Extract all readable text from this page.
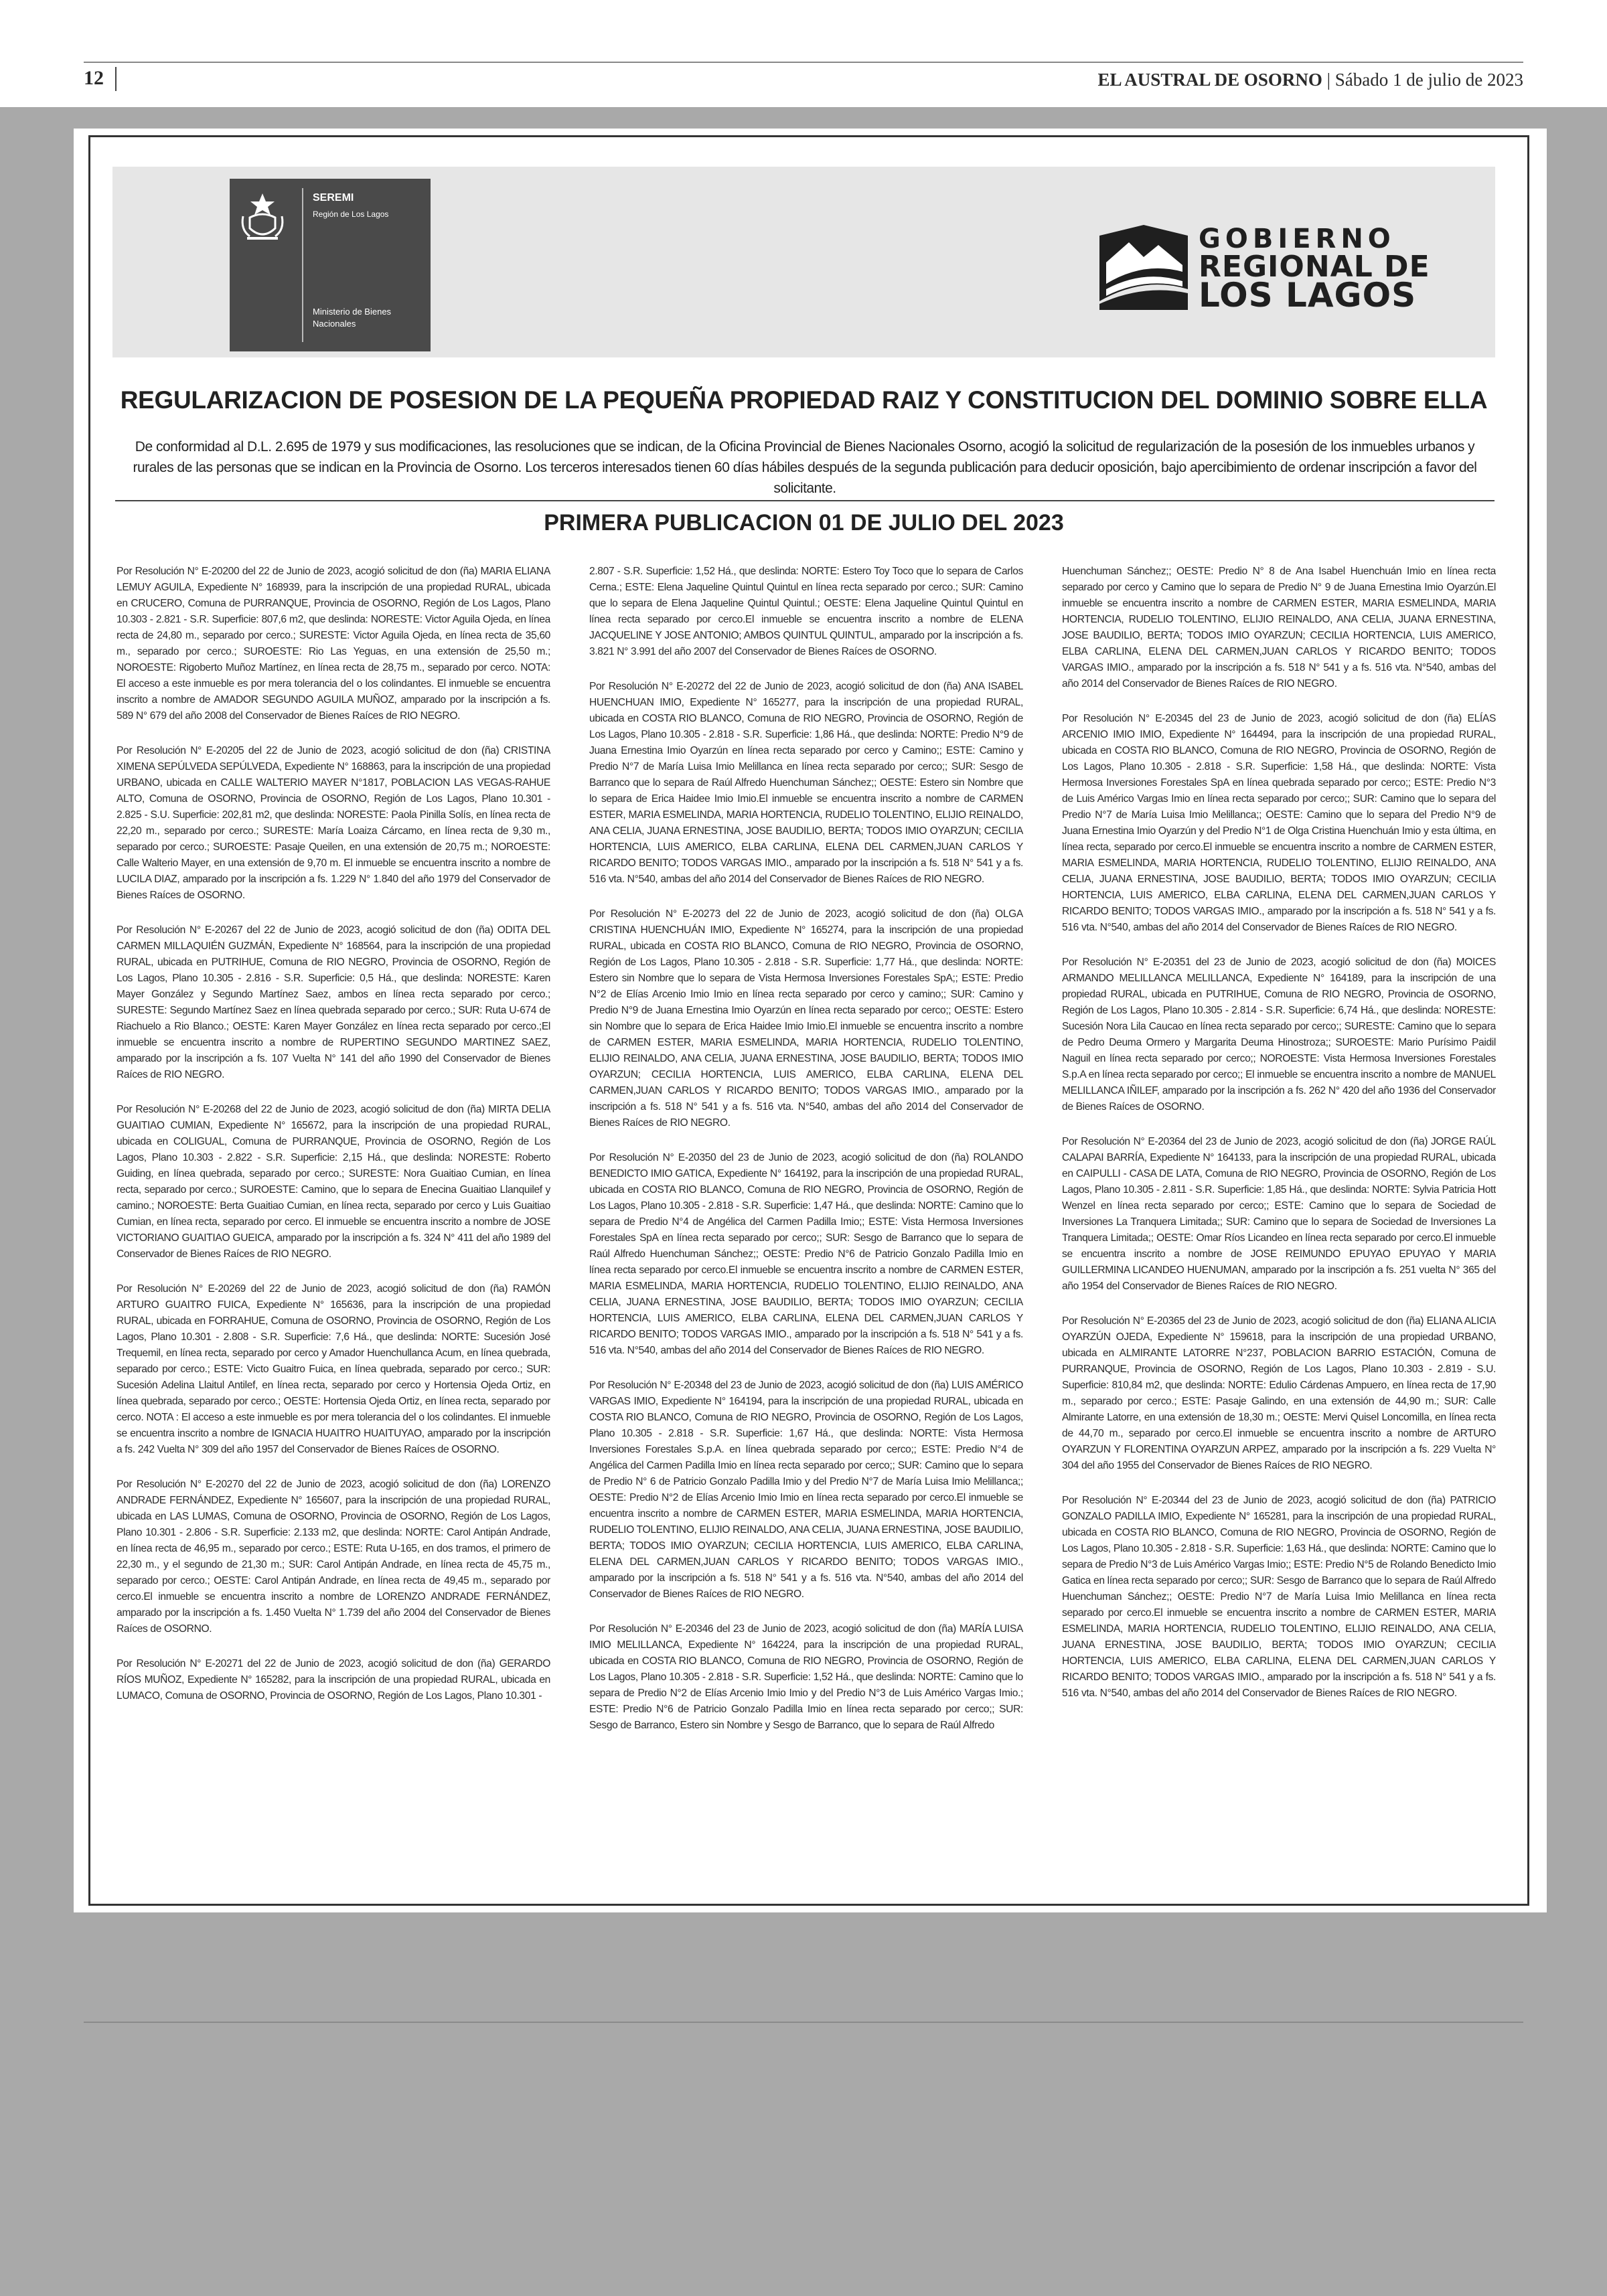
12	EL AUSTRAL DE OSORNO | Sábado 1 de julio de 2023
SEREMI
Región de Los Lagos
Ministerio de Bienes Nacionales
GOBIERNO
REGIONAL DE
LOS LAGOS
REGULARIZACION DE POSESION DE LA PEQUEÑA PROPIEDAD RAIZ Y CONSTITUCION DEL DOMINIO SOBRE ELLA
De conformidad al D.L. 2.695 de 1979 y sus modificaciones, las resoluciones que se indican, de la Oficina Provincial de Bienes Nacionales Osorno, acogió la solicitud de regularización de la posesión de los inmuebles urbanos y rurales de las personas que se indican en la Provincia de Osorno. Los terceros interesados tienen 60 días hábiles después de la segunda publicación para deducir oposición, bajo apercibimiento de ordenar inscripción a favor del solicitante.
PRIMERA PUBLICACION 01 DE JULIO DEL 2023

Por Resolución N° E-20200 del 22 de Junio de 2023, acogió solicitud de don (ña) MARIA ELIANA LEMUY AGUILA, Expediente N° 168939, para la inscripción de una propiedad RURAL, ubicada en CRUCERO, Comuna de PURRANQUE, Provincia de OSORNO, Región de Los Lagos, Plano 10.303 - 2.821 - S.R. Superficie: 807,6 m2, que deslinda: NORESTE: Victor Aguila Ojeda, en línea recta de 24,80 m., separado por cerco.; SURESTE: Victor Aguila Ojeda, en línea recta de 35,60 m., separado por cerco.; SUROESTE: Rio Las Yeguas, en una extensión de 25,50 m.; NOROESTE: Rigoberto Muñoz Martínez, en línea recta de 28,75 m., separado por cerco. NOTA: El acceso a este inmueble es por mera tolerancia del o los colindantes. El inmueble se encuentra inscrito a nombre de AMADOR SEGUNDO AGUILA MUÑOZ, amparado por la inscripción a fs. 589 N° 679 del año 2008 del Conservador de Bienes Raíces de RIO NEGRO.

Por Resolución N° E-20205 del 22 de Junio de 2023, acogió solicitud de don (ña) CRISTINA XIMENA SEPÚLVEDA SEPÚLVEDA, Expediente N° 168863, para la inscripción de una propiedad URBANO, ubicada en CALLE WALTERIO MAYER N°1817, POBLACION LAS VEGAS-RAHUE ALTO, Comuna de OSORNO, Provincia de OSORNO, Región de Los Lagos, Plano 10.301 - 2.825 - S.U. Superficie: 202,81 m2, que deslinda: NORESTE: Paola Pinilla Solís, en línea recta de 22,20 m., separado por cerco.; SURESTE: María Loaiza Cárcamo, en línea recta de 9,30 m., separado por cerco.; SUROESTE: Pasaje Queilen, en una extensión de 20,75 m.; NOROESTE: Calle Walterio Mayer, en una extensión de 9,70 m. El inmueble se encuentra inscrito a nombre de LUCILA DIAZ, amparado por la inscripción a fs. 1.229 N° 1.840 del año 1979 del Conservador de Bienes Raíces de OSORNO.

Por Resolución N° E-20267 del 22 de Junio de 2023, acogió solicitud de don (ña) ODITA DEL CARMEN MILLAQUIÉN GUZMÁN, Expediente N° 168564, para la inscripción de una propiedad RURAL, ubicada en PUTRIHUE, Comuna de RIO NEGRO, Provincia de OSORNO, Región de Los Lagos, Plano 10.305 - 2.816 - S.R. Superficie: 0,5 Há., que deslinda: NORESTE: Karen Mayer González y Segundo Martínez Saez, ambos en línea recta separado por cerco.; SURESTE: Segundo Martínez Saez en línea quebrada separado por cerco.; SUR: Ruta U-674 de Riachuelo a Rio Blanco.; OESTE: Karen Mayer González en línea recta separado por cerco.;El inmueble se encuentra inscrito a nombre de RUPERTINO SEGUNDO MARTINEZ SAEZ, amparado por la inscripción a fs. 107 Vuelta N° 141 del año 1990 del Conservador de Bienes Raíces de RIO NEGRO.

Por Resolución N° E-20268 del 22 de Junio de 2023, acogió solicitud de don (ña) MIRTA DELIA GUAITIAO CUMIAN, Expediente N° 165672, para la inscripción de una propiedad RURAL, ubicada en COLIGUAL, Comuna de PURRANQUE, Provincia de OSORNO, Región de Los Lagos, Plano 10.303 - 2.822 - S.R. Superficie: 2,15 Há., que deslinda: NORESTE: Roberto Guiding, en línea quebrada, separado por cerco.; SURESTE: Nora Guaitiao Cumian, en línea recta, separado por cerco.; SUROESTE: Camino, que lo separa de Enecina Guaitiao Llanquilef y camino.; NOROESTE: Berta Guaitiao Cumian, en línea recta, separado por cerco y Luis Guaitiao Cumian, en línea recta, separado por cerco. El inmueble se encuentra inscrito a nombre de JOSE VICTORIANO GUAITIAO GUEICA, amparado por la inscripción a fs. 324 N° 411 del año 1989 del Conservador de Bienes Raíces de RIO NEGRO.

Por Resolución N° E-20269 del 22 de Junio de 2023, acogió solicitud de don (ña) RAMÓN ARTURO GUAITRO FUICA, Expediente N° 165636, para la inscripción de una propiedad RURAL, ubicada en FORRAHUE, Comuna de OSORNO, Provincia de OSORNO, Región de Los Lagos, Plano 10.301 - 2.808 - S.R. Superficie: 7,6 Há., que deslinda: NORTE: Sucesión José Trequemil, en línea recta, separado por cerco y Amador Huenchullanca Acum, en línea quebrada, separado por cerco.; ESTE: Victo Guaitro Fuica, en línea quebrada, separado por cerco.; SUR: Sucesión Adelina Llaitul Antilef, en línea recta, separado por cerco y Hortensia Ojeda Ortiz, en línea quebrada, separado por cerco.; OESTE: Hortensia Ojeda Ortiz, en línea recta, separado por cerco. NOTA : El acceso a este inmueble es por mera tolerancia del o los colindantes. El inmueble se encuentra inscrito a nombre de IGNACIA HUAITRO HUAITUYAO, amparado por la inscripción a fs. 242 Vuelta N° 309 del año 1957 del Conservador de Bienes Raíces de OSORNO.

Por Resolución N° E-20270 del 22 de Junio de 2023, acogió solicitud de don (ña) LORENZO ANDRADE FERNÁNDEZ, Expediente N° 165607, para la inscripción de una propiedad RURAL, ubicada en LAS LUMAS, Comuna de OSORNO, Provincia de OSORNO, Región de Los Lagos, Plano 10.301 - 2.806 - S.R. Superficie: 2.133 m2, que deslinda: NORTE: Carol Antipán Andrade, en línea recta de 46,95 m., separado por cerco.; ESTE: Ruta U-165, en dos tramos, el primero de 22,30 m., y el segundo de 21,30 m.; SUR: Carol Antipán Andrade, en línea recta de 45,75 m., separado por cerco.; OESTE: Carol Antipán Andrade, en línea recta de 49,45 m., separado por cerco.El inmueble se encuentra inscrito a nombre de LORENZO ANDRADE FERNÁNDEZ, amparado por la inscripción a fs. 1.450 Vuelta N° 1.739 del año 2004 del Conservador de Bienes Raíces de OSORNO.

Por Resolución N° E-20271 del 22 de Junio de 2023, acogió solicitud de don (ña) GERARDO RÍOS MUÑOZ, Expediente N° 165282, para la inscripción de una propiedad RURAL, ubicada en LUMACO, Comuna de OSORNO, Provincia de OSORNO, Región de Los Lagos, Plano 10.301 -

2.807 - S.R. Superficie: 1,52 Há., que deslinda: NORTE: Estero Toy Toco que lo separa de Carlos Cerna.; ESTE: Elena Jaqueline Quintul Quintul en línea recta separado por cerco.; SUR: Camino que lo separa de Elena Jaqueline Quintul Quintul.; OESTE: Elena Jaqueline Quintul Quintul en línea recta separado por cerco.El inmueble se encuentra inscrito a nombre de ELENA JACQUELINE Y JOSE ANTONIO; AMBOS QUINTUL QUINTUL, amparado por la inscripción a fs. 3.821 N° 3.991 del año 2007 del Conservador de Bienes Raíces de OSORNO.

Por Resolución N° E-20272 del 22 de Junio de 2023, acogió solicitud de don (ña) ANA ISABEL HUENCHUAN IMIO, Expediente N° 165277, para la inscripción de una propiedad RURAL, ubicada en COSTA RIO BLANCO, Comuna de RIO NEGRO, Provincia de OSORNO, Región de Los Lagos, Plano 10.305 - 2.818 - S.R. Superficie: 1,86 Há., que deslinda: NORTE: Predio N°9 de Juana Ernestina Imio Oyarzún en línea recta separado por cerco y Camino;; ESTE: Camino y Predio N°7 de María Luisa Imio Melillanca en línea recta separado por cerco;; SUR: Sesgo de Barranco que lo separa de Raúl Alfredo Huenchuman Sánchez;; OESTE: Estero sin Nombre que lo separa de Erica Haidee Imio Imio.El inmueble se encuentra inscrito a nombre de CARMEN ESTER, MARIA ESMELINDA, MARIA HORTENCIA, RUDELIO TOLENTINO, ELIJIO REINALDO, ANA CELIA, JUANA ERNESTINA, JOSE BAUDILIO, BERTA; TODOS IMIO OYARZUN; CECILIA HORTENCIA, LUIS AMERICO, ELBA CARLINA, ELENA DEL CARMEN,JUAN CARLOS Y RICARDO BENITO; TODOS VARGAS IMIO., amparado por la inscripción a fs. 518 N° 541 y a fs. 516 vta. N°540, ambas del año 2014 del Conservador de Bienes Raíces de RIO NEGRO.

Por Resolución N° E-20273 del 22 de Junio de 2023, acogió solicitud de don (ña) OLGA CRISTINA HUENCHUÁN IMIO, Expediente N° 165274, para la inscripción de una propiedad RURAL, ubicada en COSTA RIO BLANCO, Comuna de RIO NEGRO, Provincia de OSORNO, Región de Los Lagos, Plano 10.305 - 2.818 - S.R. Superficie: 1,77 Há., que deslinda: NORTE: Estero sin Nombre que lo separa de Vista Hermosa Inversiones Forestales SpA;; ESTE: Predio N°2 de Elías Arcenio Imio Imio en línea recta separado por cerco y camino;; SUR: Camino y Predio N°9 de Juana Ernestina Imio Oyarzún en línea recta separado por cerco;; OESTE: Estero sin Nombre que lo separa de Erica Haidee Imio Imio.El inmueble se encuentra inscrito a nombre de CARMEN ESTER, MARIA ESMELINDA, MARIA HORTENCIA, RUDELIO TOLENTINO, ELIJIO REINALDO, ANA CELIA, JUANA ERNESTINA, JOSE BAUDILIO, BERTA; TODOS IMIO OYARZUN; CECILIA HORTENCIA, LUIS AMERICO, ELBA CARLINA, ELENA DEL CARMEN,JUAN CARLOS Y RICARDO BENITO; TODOS VARGAS IMIO., amparado por la inscripción a fs. 518 N° 541 y a fs. 516 vta. N°540, ambas del año 2014 del Conservador de Bienes Raíces de RIO NEGRO.

Por Resolución N° E-20350 del 23 de Junio de 2023, acogió solicitud de don (ña) ROLANDO BENEDICTO IMIO GATICA, Expediente N° 164192, para la inscripción de una propiedad RURAL, ubicada en COSTA RIO BLANCO, Comuna de RIO NEGRO, Provincia de OSORNO, Región de Los Lagos, Plano 10.305 - 2.818 - S.R. Superficie: 1,47 Há., que deslinda: NORTE: Camino que lo separa de Predio N°4 de Angélica del Carmen Padilla Imio;; ESTE: Vista Hermosa Inversiones Forestales SpA en línea recta separado por cerco;; SUR: Sesgo de Barranco que lo separa de Raúl Alfredo Huenchuman Sánchez;; OESTE: Predio N°6 de Patricio Gonzalo Padilla Imio en línea recta separado por cerco.El inmueble se encuentra inscrito a nombre de CARMEN ESTER, MARIA ESMELINDA, MARIA HORTENCIA, RUDELIO TOLENTINO, ELIJIO REINALDO, ANA CELIA, JUANA ERNESTINA, JOSE BAUDILIO, BERTA; TODOS IMIO OYARZUN; CECILIA HORTENCIA, LUIS AMERICO, ELBA CARLINA, ELENA DEL CARMEN,JUAN CARLOS Y RICARDO BENITO; TODOS VARGAS IMIO., amparado por la inscripción a fs. 518 N° 541 y a fs. 516 vta. N°540, ambas del año 2014 del Conservador de Bienes Raíces de RIO NEGRO.

Por Resolución N° E-20348 del 23 de Junio de 2023, acogió solicitud de don (ña) LUIS AMÉRICO VARGAS IMIO, Expediente N° 164194, para la inscripción de una propiedad RURAL, ubicada en COSTA RIO BLANCO, Comuna de RIO NEGRO, Provincia de OSORNO, Región de Los Lagos, Plano 10.305 - 2.818 - S.R. Superficie: 1,67 Há., que deslinda: NORTE: Vista Hermosa Inversiones Forestales S.p.A. en línea quebrada separado por cerco;; ESTE: Predio N°4 de Angélica del Carmen Padilla Imio en línea recta separado por cerco;; SUR: Camino que lo separa de Predio N° 6 de Patricio Gonzalo Padilla Imio y del Predio N°7 de María Luisa Imio Melillanca;; OESTE: Predio N°2 de Elías Arcenio Imio Imio en línea recta separado por cerco.El inmueble se encuentra inscrito a nombre de CARMEN ESTER, MARIA ESMELINDA, MARIA HORTENCIA, RUDELIO TOLENTINO, ELIJIO REINALDO, ANA CELIA, JUANA ERNESTINA, JOSE BAUDILIO, BERTA; TODOS IMIO OYARZUN; CECILIA HORTENCIA, LUIS AMERICO, ELBA CARLINA, ELENA DEL CARMEN,JUAN CARLOS Y RICARDO BENITO; TODOS VARGAS IMIO., amparado por la inscripción a fs. 518 N° 541 y a fs. 516 vta. N°540, ambas del año 2014 del Conservador de Bienes Raíces de RIO NEGRO.

Por Resolución N° E-20346 del 23 de Junio de 2023, acogió solicitud de don (ña) MARÍA LUISA IMIO MELILLANCA, Expediente N° 164224, para la inscripción de una propiedad RURAL, ubicada en COSTA RIO BLANCO, Comuna de RIO NEGRO, Provincia de OSORNO, Región de Los Lagos, Plano 10.305 - 2.818 - S.R. Superficie: 1,52 Há., que deslinda: NORTE: Camino que lo separa de Predio N°2 de Elías Arcenio Imio Imio y del Predio N°3 de Luis Américo Vargas Imio.; ESTE: Predio N°6 de Patricio Gonzalo Padilla Imio en línea recta separado por cerco;; SUR: Sesgo de Barranco, Estero sin Nombre y Sesgo de Barranco, que lo separa de Raúl Alfredo

Huenchuman Sánchez;; OESTE: Predio N° 8 de Ana Isabel Huenchuán Imio en línea recta separado por cerco y Camino que lo separa de Predio N° 9 de Juana Ernestina Imio Oyarzún.El inmueble se encuentra inscrito a nombre de CARMEN ESTER, MARIA ESMELINDA, MARIA HORTENCIA, RUDELIO TOLENTINO, ELIJIO REINALDO, ANA CELIA, JUANA ERNESTINA, JOSE BAUDILIO, BERTA; TODOS IMIO OYARZUN; CECILIA HORTENCIA, LUIS AMERICO, ELBA CARLINA, ELENA DEL CARMEN,JUAN CARLOS Y RICARDO BENITO; TODOS VARGAS IMIO., amparado por la inscripción a fs. 518 N° 541 y a fs. 516 vta. N°540, ambas del año 2014 del Conservador de Bienes Raíces de RIO NEGRO.

Por Resolución N° E-20345 del 23 de Junio de 2023, acogió solicitud de don (ña) ELÍAS ARCENIO IMIO IMIO, Expediente N° 164494, para la inscripción de una propiedad RURAL, ubicada en COSTA RIO BLANCO, Comuna de RIO NEGRO, Provincia de OSORNO, Región de Los Lagos, Plano 10.305 - 2.818 - S.R. Superficie: 1,58 Há., que deslinda: NORTE: Vista Hermosa Inversiones Forestales SpA en línea quebrada separado por cerco;; ESTE: Predio N°3 de Luis Américo Vargas Imio en línea recta separado por cerco;; SUR: Camino que lo separa del Predio N°7 de María Luisa Imio Melillanca;; OESTE: Camino que lo separa del Predio N°9 de Juana Ernestina Imio Oyarzún y del Predio N°1 de Olga Cristina Huenchuán Imio y esta última, en línea recta, separado por cerco.El inmueble se encuentra inscrito a nombre de CARMEN ESTER, MARIA ESMELINDA, MARIA HORTENCIA, RUDELIO TOLENTINO, ELIJIO REINALDO, ANA CELIA, JUANA ERNESTINA, JOSE BAUDILIO, BERTA; TODOS IMIO OYARZUN; CECILIA HORTENCIA, LUIS AMERICO, ELBA CARLINA, ELENA DEL CARMEN,JUAN CARLOS Y RICARDO BENITO; TODOS VARGAS IMIO., amparado por la inscripción a fs. 518 N° 541 y a fs. 516 vta. N°540, ambas del año 2014 del Conservador de Bienes Raíces de RIO NEGRO.

Por Resolución N° E-20351 del 23 de Junio de 2023, acogió solicitud de don (ña) MOICES ARMANDO MELILLANCA MELILLANCA, Expediente N° 164189, para la inscripción de una propiedad RURAL, ubicada en PUTRIHUE, Comuna de RIO NEGRO, Provincia de OSORNO, Región de Los Lagos, Plano 10.305 - 2.814 - S.R. Superficie: 6,74 Há., que deslinda: NORESTE: Sucesión Nora Lila Caucao en línea recta separado por cerco;; SURESTE: Camino que lo separa de Pedro Deuma Ormero y Margarita Deuma Hinostroza;; SUROESTE: Mario Purísimo Paidil Naguil en línea recta separado por cerco;; NOROESTE: Vista Hermosa Inversiones Forestales S.p.A en línea recta separado por cerco;; El inmueble se encuentra inscrito a nombre de MANUEL MELILLANCA IÑILEF, amparado por la inscripción a fs. 262 N° 420 del año 1936 del Conservador de Bienes Raíces de OSORNO.

Por Resolución N° E-20364 del 23 de Junio de 2023, acogió solicitud de don (ña) JORGE RAÚL CALAPAI BARRÍA, Expediente N° 164133, para la inscripción de una propiedad RURAL, ubicada en CAIPULLI - CASA DE LATA, Comuna de RIO NEGRO, Provincia de OSORNO, Región de Los Lagos, Plano 10.305 - 2.811 - S.R. Superficie: 1,85 Há., que deslinda: NORTE: Sylvia Patricia Hott Wenzel en línea recta separado por cerco;; ESTE: Camino que lo separa de Sociedad de Inversiones La Tranquera Limitada;; SUR: Camino que lo separa de Sociedad de Inversiones La Tranquera Limitada;; OESTE: Omar Ríos Licandeo en línea recta separado por cerco.El inmueble se encuentra inscrito a nombre de JOSE REIMUNDO EPUYAO EPUYAO Y MARIA GUILLERMINA LICANDEO HUENUMAN, amparado por la inscripción a fs. 251 vuelta N° 365 del año 1954 del Conservador de Bienes Raíces de RIO NEGRO.

Por Resolución N° E-20365 del 23 de Junio de 2023, acogió solicitud de don (ña) ELIANA ALICIA OYARZÚN OJEDA, Expediente N° 159618, para la inscripción de una propiedad URBANO, ubicada en ALMIRANTE LATORRE N°237, POBLACION BARRIO ESTACIÓN, Comuna de PURRANQUE, Provincia de OSORNO, Región de Los Lagos, Plano 10.303 - 2.819 - S.U. Superficie: 810,84 m2, que deslinda: NORTE: Edulio Cárdenas Ampuero, en línea recta de 17,90 m., separado por cerco.; ESTE: Pasaje Galindo, en una extensión de 44,90 m.; SUR: Calle Almirante Latorre, en una extensión de 18,30 m.; OESTE: Mervi Quisel Loncomilla, en línea recta de 44,70 m., separado por cerco.El inmueble se encuentra inscrito a nombre de ARTURO OYARZUN Y FLORENTINA OYARZUN ARPEZ, amparado por la inscripción a fs. 229 Vuelta N° 304 del año 1955 del Conservador de Bienes Raíces de RIO NEGRO.

Por Resolución N° E-20344 del 23 de Junio de 2023, acogió solicitud de don (ña) PATRICIO GONZALO PADILLA IMIO, Expediente N° 165281, para la inscripción de una propiedad RURAL, ubicada en COSTA RIO BLANCO, Comuna de RIO NEGRO, Provincia de OSORNO, Región de Los Lagos, Plano 10.305 - 2.818 - S.R. Superficie: 1,63 Há., que deslinda: NORTE: Camino que lo separa de Predio N°3 de Luis Américo Vargas Imio;; ESTE: Predio N°5 de Rolando Benedicto Imio Gatica en línea recta separado por cerco;; SUR: Sesgo de Barranco que lo separa de Raúl Alfredo Huenchuman Sánchez;; OESTE: Predio N°7 de María Luisa Imio Melillanca en línea recta separado por cerco.El inmueble se encuentra inscrito a nombre de CARMEN ESTER, MARIA ESMELINDA, MARIA HORTENCIA, RUDELIO TOLENTINO, ELIJIO REINALDO, ANA CELIA, JUANA ERNESTINA, JOSE BAUDILIO, BERTA; TODOS IMIO OYARZUN; CECILIA HORTENCIA, LUIS AMERICO, ELBA CARLINA, ELENA DEL CARMEN,JUAN CARLOS Y RICARDO BENITO; TODOS VARGAS IMIO., amparado por la inscripción a fs. 518 N° 541 y a fs. 516 vta. N°540, ambas del año 2014 del Conservador de Bienes Raíces de RIO NEGRO.
